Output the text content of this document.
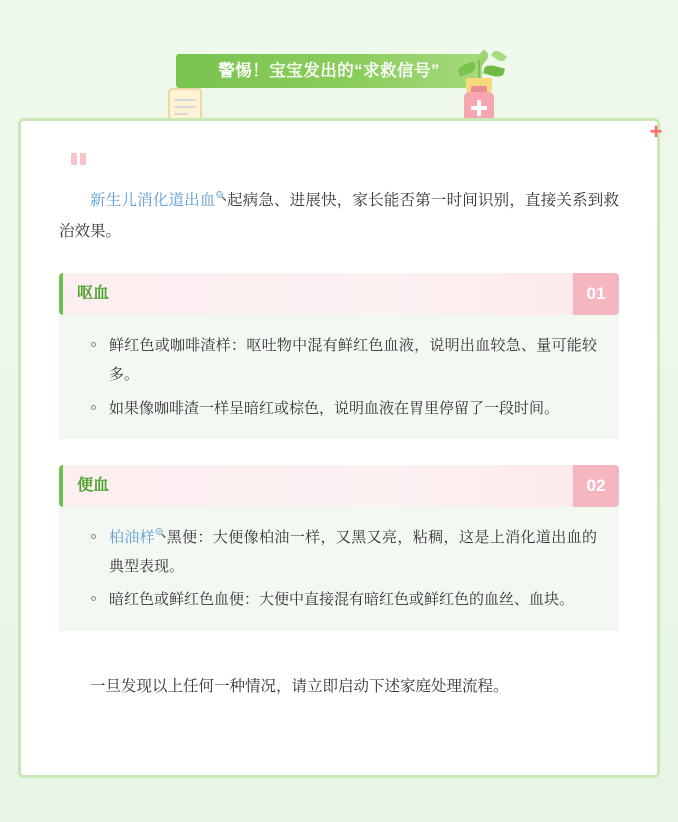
警惕！宝宝发出的“求救信号”
+

新生儿消化道出血🔍起病急、进展快，家长能否第一时间识别，直接关系到救治效果。

呕血	01
鲜红色或咖啡渣样：呕吐物中混有鲜红色血液，说明出血较急、量可能较多。
如果像咖啡渣一样呈暗红或棕色，说明血液在胃里停留了一段时间。
便血	02
柏油样🔍黑便：大便像柏油一样，又黑又亮，粘稠，这是上消化道出血的典型表现。
暗红色或鲜红色血便：大便中直接混有暗红色或鲜红色的血丝、血块。

一旦发现以上任何一种情况，请立即启动下述家庭处理流程。
